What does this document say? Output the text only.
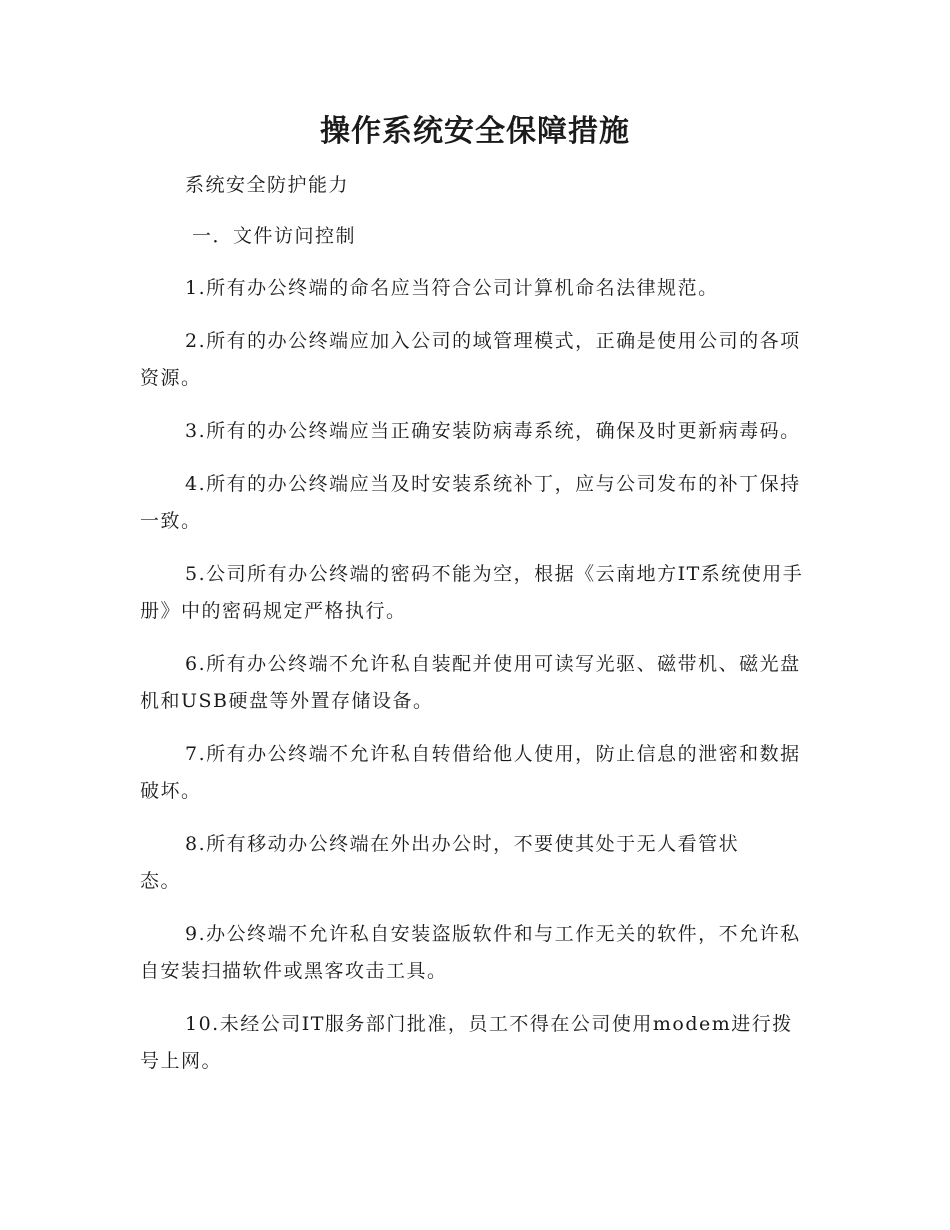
操作系统安全保障措施
系统安全防护能力
一．文件访问控制

1.所有办公终端的命名应当符合公司计算机命名法律规范。

2.所有的办公终端应加入公司的域管理模式，正确是使用公司的各项资源。

3.所有的办公终端应当正确安装防病毒系统，确保及时更新病毒码。

4.所有的办公终端应当及时安装系统补丁，应与公司发布的补丁保持一致。

5.公司所有办公终端的密码不能为空，根据《云南地方IT系统使用手册》中的密码规定严格执行。

6.所有办公终端不允许私自装配并使用可读写光驱、磁带机、磁光盘机和USB硬盘等外置存储设备。

7.所有办公终端不允许私自转借给他人使用，防止信息的泄密和数据破坏。

8.所有移动办公终端在外出办公时，不要使其处于无人看管状
态。

9.办公终端不允许私自安装盗版软件和与工作无关的软件，不允许私自安装扫描软件或黑客攻击工具。

10.未经公司IT服务部门批准，员工不得在公司使用modem进行拨号上网。
